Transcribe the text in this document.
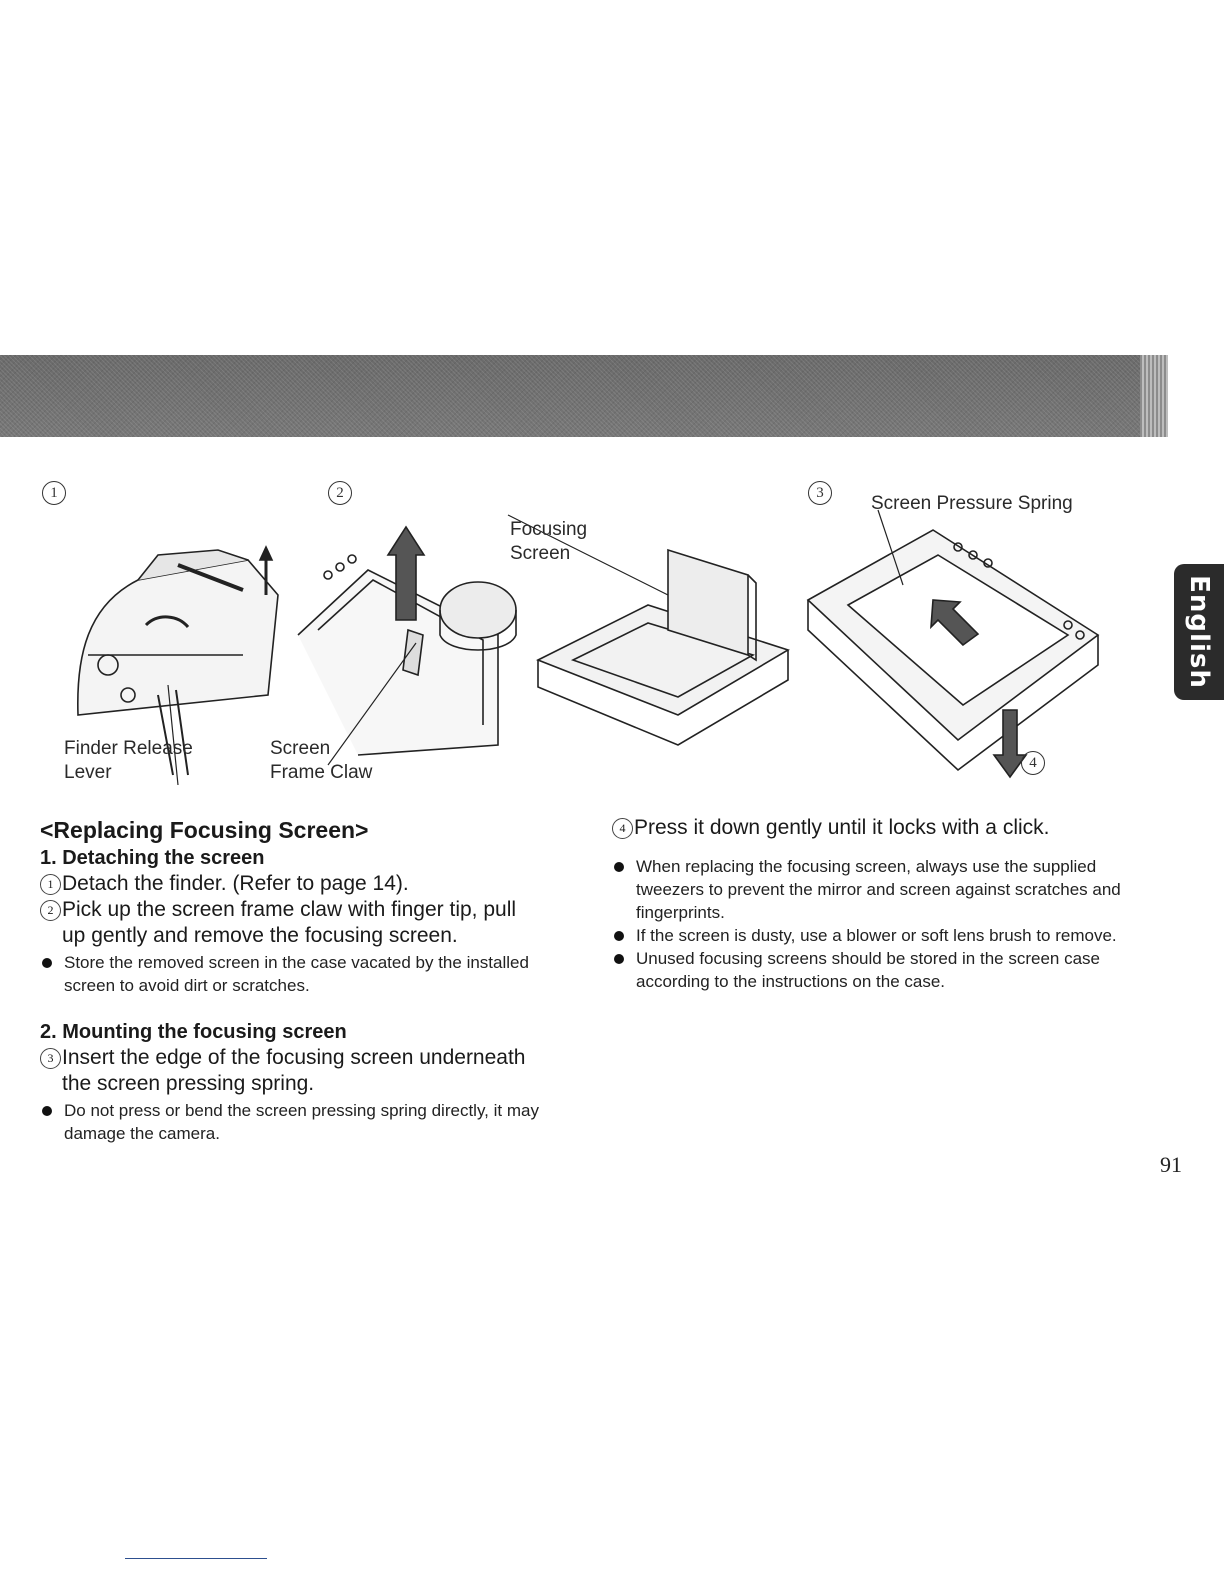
English
1	2	3
4
Finder Release
Lever
Screen
Frame Claw
Focusing
Screen
Screen Pressure Spring

<Replacing Focusing Screen>

1. Detaching the screen

1 Detach the finder. (Refer to page 14).

2 Pick up the screen frame claw with finger tip, pull
up gently and remove the focusing screen.

Store the removed screen in the case vacated by the installed screen to avoid dirt or scratches.

2. Mounting the focusing screen

3 Insert the edge of the focusing screen underneath
the screen pressing spring.

Do not press or bend the screen pressing spring directly, it may damage the camera.

4 Press it down gently until it locks with a click.

When replacing the focusing screen, always use the supplied tweezers to prevent the mirror and screen against scratches and fingerprints.

If the screen is dusty, use a blower or soft lens brush to remove.

Unused focusing screens should be stored in the screen case according to the instructions on the case.

91
